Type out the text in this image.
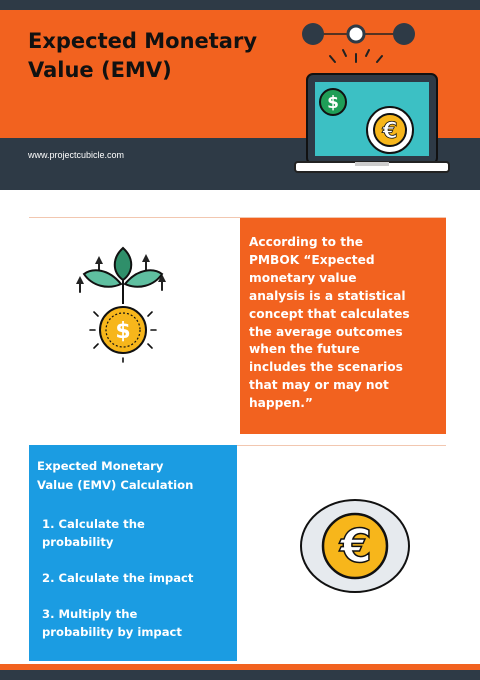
Expected Monetary
Value (EMV)
www.projectcubicle.com
$
€
$
According to the
PMBOK “Expected
monetary value
analysis is a statistical
concept that calculates
the average outcomes
when the future
includes the scenarios
that may or may not
happen.”
Expected Monetary
Value (EMV) Calculation
1. Calculate the
probability
2. Calculate the impact
3. Multiply the
probability by impact
€
